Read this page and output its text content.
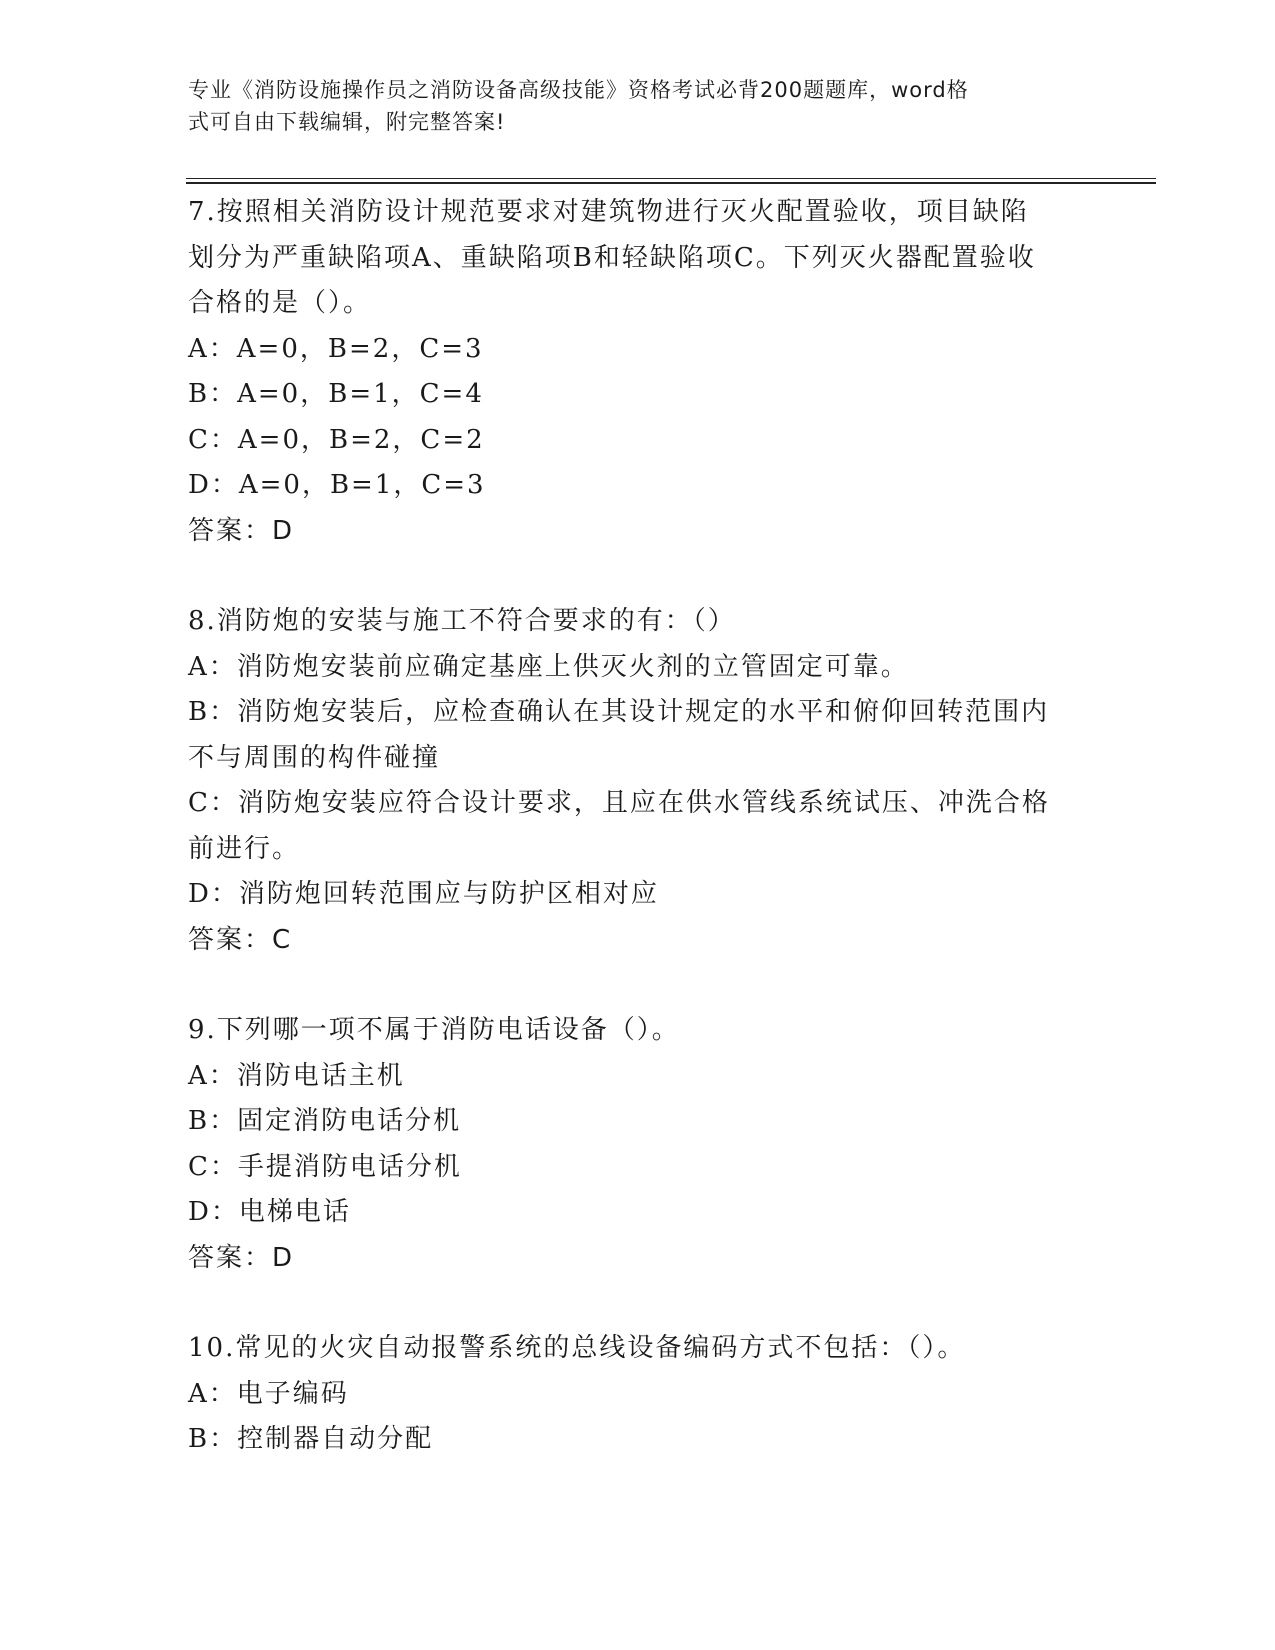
专业《消防设施操作员之消防设备高级技能》资格考试必背200题题库，word格
式可自由下载编辑，附完整答案!

7.按照相关消防设计规范要求对建筑物进行灭火配置验收，项目缺陷

划分为严重缺陷项A、重缺陷项B和轻缺陷项C。下列灭火器配置验收

合格的是（）。

A：A=0，B=2，C=3

B：A=0，B=1，C=4

C：A=0，B=2，C=2

D：A=0，B=1，C=3

答案：D

8.消防炮的安装与施工不符合要求的有：（）

A：消防炮安装前应确定基座上供灭火剂的立管固定可靠。

B：消防炮安装后，应检查确认在其设计规定的水平和俯仰回转范围内

不与周围的构件碰撞

C：消防炮安装应符合设计要求，且应在供水管线系统试压、冲洗合格

前进行。

D：消防炮回转范围应与防护区相对应

答案：C

9.下列哪一项不属于消防电话设备（）。

A：消防电话主机

B：固定消防电话分机

C：手提消防电话分机

D：电梯电话

答案：D

10.常见的火灾自动报警系统的总线设备编码方式不包括：（）。

A：电子编码

B：控制器自动分配
